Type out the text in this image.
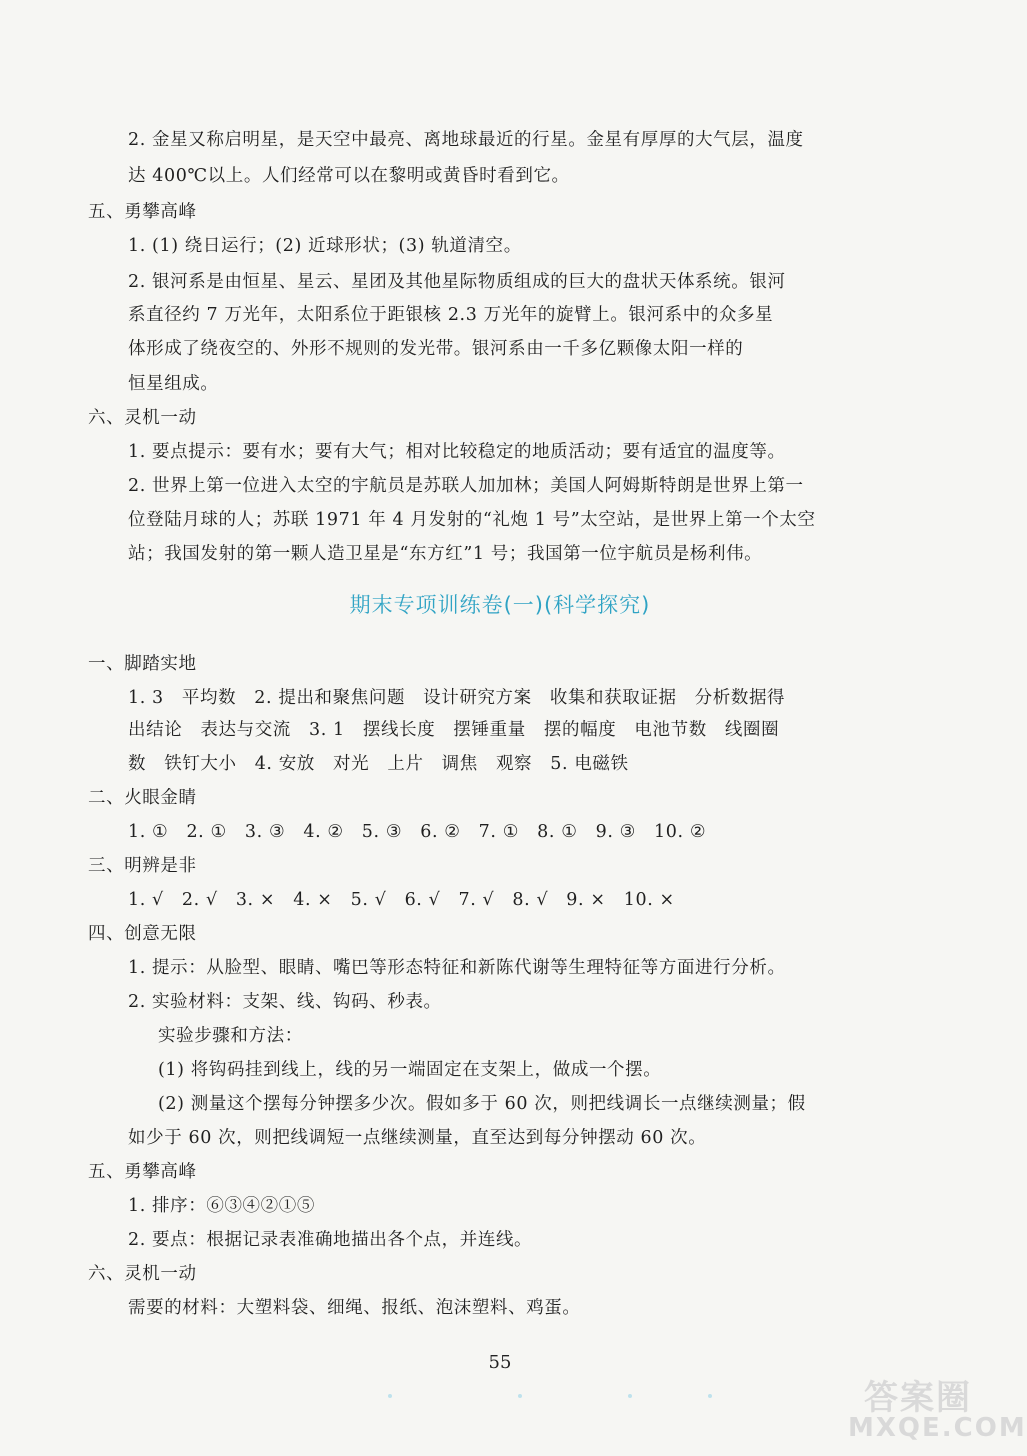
2. 金星又称启明星，是天空中最亮、离地球最近的行星。金星有厚厚的大气层，温度
达 400℃以上。人们经常可以在黎明或黄昏时看到它。
五、勇攀高峰
1. (1) 绕日运行；(2) 近球形状；(3) 轨道清空。
2. 银河系是由恒星、星云、星团及其他星际物质组成的巨大的盘状天体系统。银河
系直径约 7 万光年，太阳系位于距银核 2.3 万光年的旋臂上。银河系中的众多星
体形成了绕夜空的、外形不规则的发光带。银河系由一千多亿颗像太阳一样的
恒星组成。
六、灵机一动
1. 要点提示：要有水；要有大气；相对比较稳定的地质活动；要有适宜的温度等。
2. 世界上第一位进入太空的宇航员是苏联人加加林；美国人阿姆斯特朗是世界上第一
位登陆月球的人；苏联 1971 年 4 月发射的“礼炮 1 号”太空站，是世界上第一个太空
站；我国发射的第一颗人造卫星是“东方红”1 号；我国第一位宇航员是杨利伟。
期末专项训练卷(一)(科学探究)
一、脚踏实地
1. 3　平均数　2. 提出和聚焦问题　设计研究方案　收集和获取证据　分析数据得
出结论　表达与交流　3. 1　摆线长度　摆锤重量　摆的幅度　电池节数　线圈圈
数　铁钉大小　4. 安放　对光　上片　调焦　观察　5. 电磁铁
二、火眼金睛
1. ①　2. ①　3. ③　4. ②　5. ③　6. ②　7. ①　8. ①　9. ③　10. ②
三、明辨是非
1. √　2. √　3. ×　4. ×　5. √　6. √　7. √　8. √　9. ×　10. ×
四、创意无限
1. 提示：从脸型、眼睛、嘴巴等形态特征和新陈代谢等生理特征等方面进行分析。
2. 实验材料：支架、线、钩码、秒表。
实验步骤和方法：
(1) 将钩码挂到线上，线的另一端固定在支架上，做成一个摆。
(2) 测量这个摆每分钟摆多少次。假如多于 60 次，则把线调长一点继续测量；假
如少于 60 次，则把线调短一点继续测量，直至达到每分钟摆动 60 次。
五、勇攀高峰
1. 排序：⑥③④②①⑤
2. 要点：根据记录表准确地描出各个点，并连线。
六、灵机一动
需要的材料：大塑料袋、细绳、报纸、泡沫塑料、鸡蛋。
55
答案圈
MXQE.COM
